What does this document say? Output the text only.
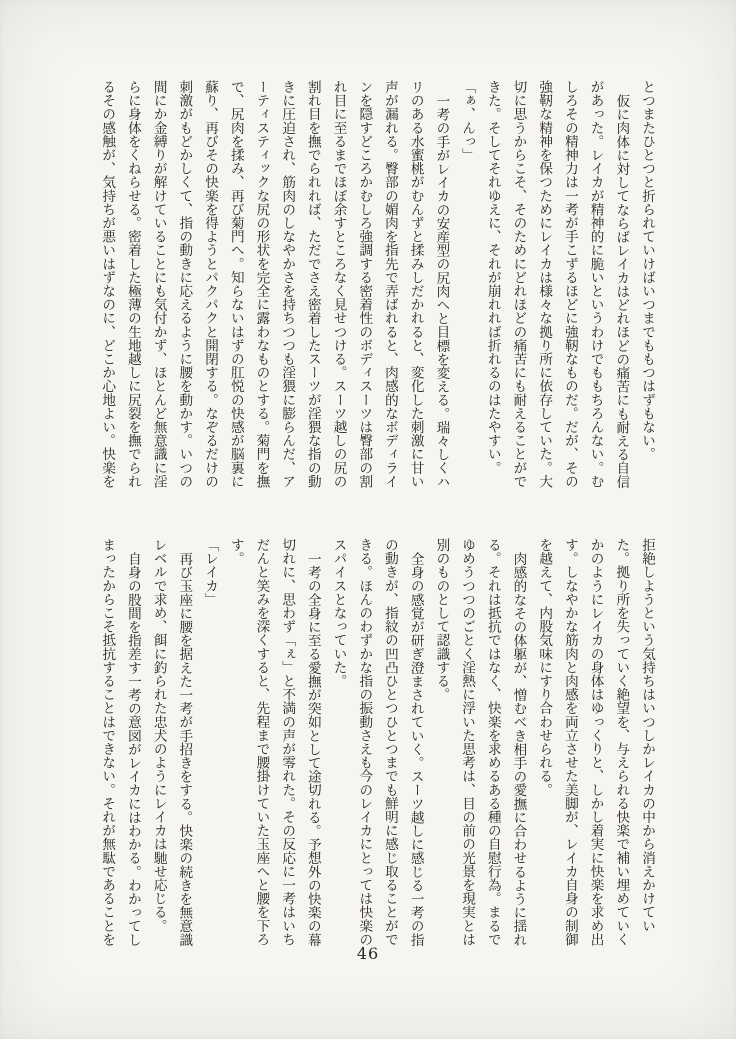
とつまたひとつと折られていけばいつまでももつはずもない。

仮に肉体に対してならばレイカはどれほどの痛苦にも耐える自信があった。レイカが精神的に脆いというわけでももちろんない。むしろその精神力は一考が手こずるほどに強靭なものだ。だが、その強靭な精神を保つためにレイカは様々な拠り所に依存していた。大切に思うからこそ、そのためにどれほどの痛苦にも耐えることができた。そしてそれゆえに、それが崩れれば折れるのはたやすい。

「ぁ、んっ」

一考の手がレイカの安産型の尻肉へと目標を変える。瑞々しくハリのある水蜜桃がむんずと揉みしだかれると、変化した刺激に甘い声が漏れる。臀部の媚肉を指先で弄ばれると、肉感的なボディラインを隠すどころかむしろ強調する密着性のボディスーツは臀部の割れ目に至るまでほぼ余すところなく見せつける。スーツ越しの尻の割れ目を撫でられれば、ただでさえ密着したスーツが淫猥な指の動きに圧迫され、筋肉のしなやかさを持ちつつも淫猥に膨らんだ、アーティスティックな尻の形状を完全に露わなものとする。菊門を撫で、尻肉を揉み、再び菊門へ。知らないはずの肛悦の快感が脳裏に蘇り、再びその快楽を得ようとパクパクと開閉する。なぞるだけの刺激がもどかしくて、指の動きに応えるように腰を動かす。いつの間にか金縛りが解けていることにも気付かず、ほとんど無意識に淫らに身体をくねらせる。密着した極薄の生地越しに尻裂を撫でられるその感触が、気持ちが悪いはずなのに、どこか心地よい。快楽を

拒絶しようという気持ちはいつしかレイカの中から消えかけていた。拠り所を失っていく絶望を、与えられる快楽で補い埋めていくかのようにレイカの身体はゆっくりと、しかし着実に快楽を求め出す。しなやかな筋肉と肉感を両立させた美脚が、レイカ自身の制御を越えて、内股気味にすり合わせられる。

肉感的なその体躯が、憎むべき相手の愛撫に合わせるように揺れる。それは抵抗ではなく、快楽を求めるある種の自慰行為。まるでゆめうつつのごとく淫熱に浮いた思考は、目の前の光景を現実とは別のものとして認識する。

全身の感覚が研ぎ澄まされていく。スーツ越しに感じる一考の指の動きが、指紋の凹凸ひとつひとつまでも鮮明に感じ取ることができる。ほんのわずかな指の振動さえも今のレイカにとっては快楽のスパイスとなっていた。

一考の全身に至る愛撫が突如として途切れる。予想外の快楽の幕切れに、思わず「ぇ」と不満の声が零れた。その反応に一考はいちだんと笑みを深くすると、先程まで腰掛けていた玉座へと腰を下ろす。

「レイカ」

再び玉座に腰を据えた一考が手招きをする。快楽の続きを無意識レベルで求め、餌に釣られた忠犬のようにレイカは馳せ応じる。

自身の股間を指差す一考の意図がレイカにはわかる。わかってしまったからこそ抵抗することはできない。それが無駄であることを

46
